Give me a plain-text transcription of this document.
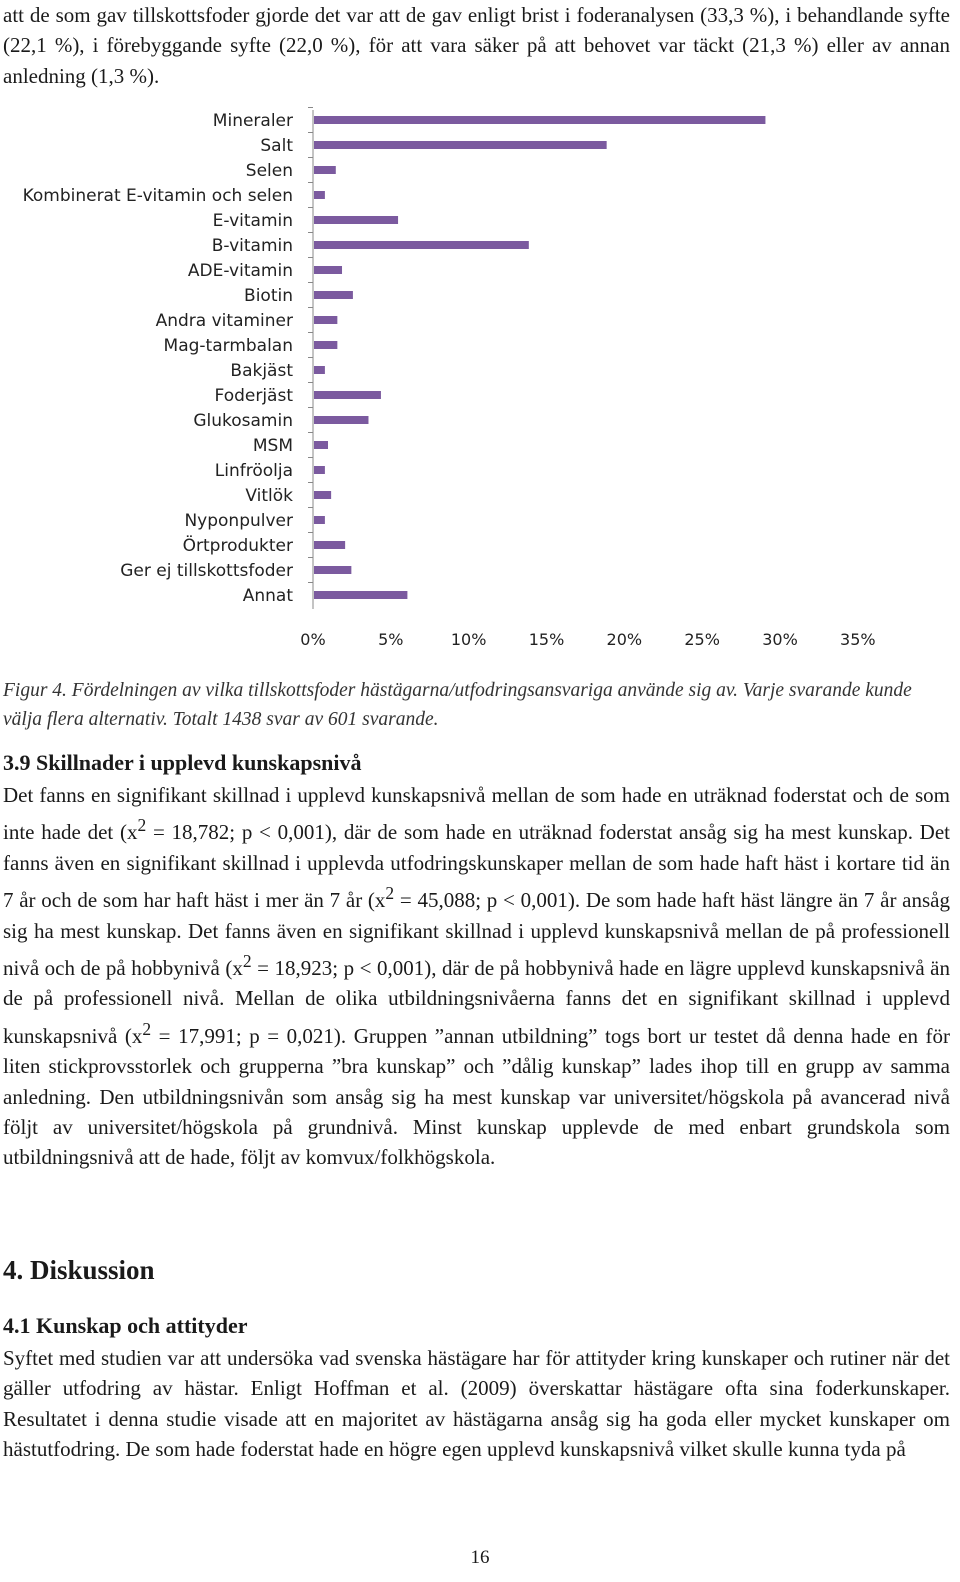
att de som gav tillskottsfoder gjorde det var att de gav enligt brist i foderanalysen (33,3 %), i behandlande syfte (22,1 %), i förebyggande syfte (22,0 %), för att vara säker på att behovet var täckt (21,3 %) eller av annan anledning (1,3 %).

Mineraler
Salt
Selen
Kombinerat E-vitamin och selen
E-vitamin
B-vitamin
ADE-vitamin
Biotin
Andra vitaminer
Mag-tarmbalan
Bakjäst
Foderjäst
Glukosamin
MSM
Linfröolja
Vitlök
Nyponpulver
Örtprodukter
Ger ej tillskottsfoder
Annat
0%	5%	10%	15%	20%	25%	30%	35%

Figur 4. Fördelningen av vilka tillskottsfoder hästägarna/utfodringsansvariga använde sig av. Varje svarande kunde välja flera alternativ. Totalt 1438 svar av 601 svarande.

3.9 Skillnader i upplevd kunskapsnivå

Det fanns en signifikant skillnad i upplevd kunskapsnivå mellan de som hade en uträknad foderstat och de som inte hade $\det (x^2 = 18,782$; p < 0,001), där de som hade en uträknad foderstat ansåg sig ha mest kunskap. Det fanns även en signifikant skillnad i upplevda utfodringskunskaper mellan de som hade haft häst i kortare tid än 7 år och de som har haft häst i mer än 7 år ($x^2 = 45,088$; p < 0,001). De som hade haft häst längre än 7 år ansåg sig ha mest kunskap. Det fanns även en signifikant skillnad i upplevd kunskapsnivå mellan de på professionell nivå och de på hobbynivå ($x^2 = 18,923$; p < 0,001), där de på hobbynivå hade en lägre upplevd kunskapsnivå än de på professionell nivå. Mellan de olika utbildningsnivåerna fanns det en signifikant skillnad i upplevd kunskapsnivå ($x^2 = 17,991$; p = 0,021). Gruppen ”annan utbildning” togs bort ur testet då denna hade en för liten stickprovsstorlek och grupperna ”bra kunskap” och ”dålig kunskap” lades ihop till en grupp av samma anledning. Den utbildningsnivån som ansåg sig ha mest kunskap var universitet/högskola på avancerad nivå följt av universitet/högskola på grundnivå. Minst kunskap upplevde de med enbart grundskola som utbildningsnivå att de hade, följt av komvux/folkhögskola.

4. Diskussion
4.1 Kunskap och attityder

Syftet med studien var att undersöka vad svenska hästägare har för attityder kring kunskaper och rutiner när det gäller utfodring av hästar. Enligt Hoffman et al. (2009) överskattar hästägare ofta sina foderkunskaper. Resultatet i denna studie visade att en majoritet av hästägarna ansåg sig ha goda eller mycket kunskaper om hästutfodring. De som hade foderstat hade en högre egen upplevd kunskapsnivå vilket skulle kunna tyda på

16
